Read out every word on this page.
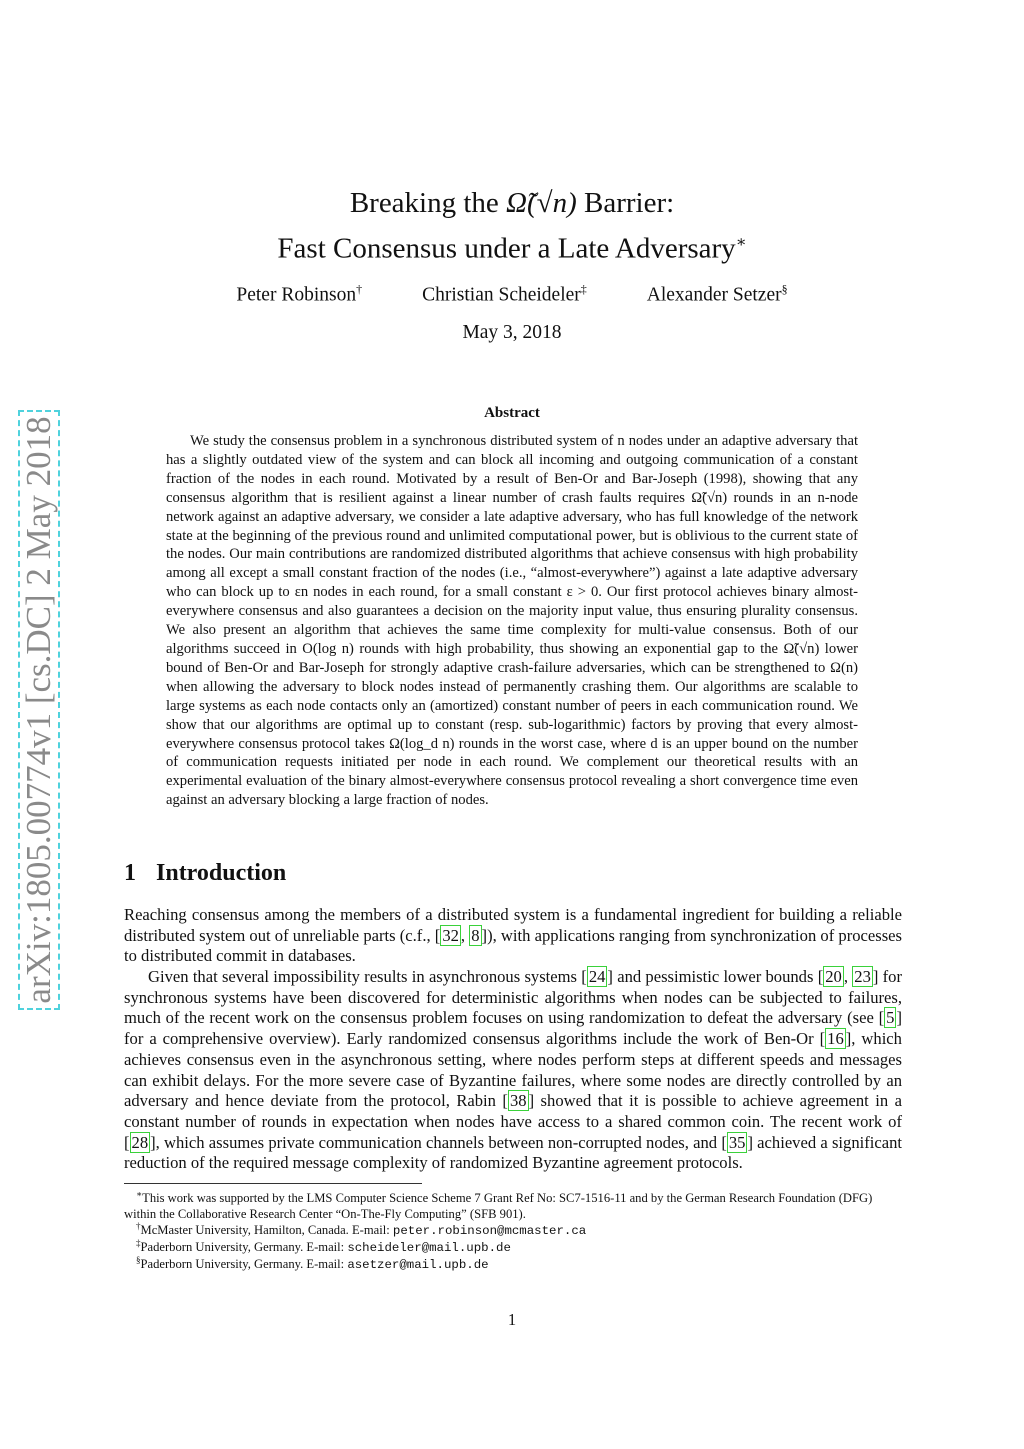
arXiv:1805.00774v1 [cs.DC] 2 May 2018
Breaking the Ω̃(√n) Barrier:
Fast Consensus under a Late Adversary∗
Peter Robinson†	Christian Scheideler‡	Alexander Setzer§
May 3, 2018
Abstract

We study the consensus problem in a synchronous distributed system of n nodes under an adaptive adversary that has a slightly outdated view of the system and can block all incoming and outgoing communication of a constant fraction of the nodes in each round. Motivated by a result of Ben-Or and Bar-Joseph (1998), showing that any consensus algorithm that is resilient against a linear number of crash faults requires Ω̃(√n) rounds in an n-node network against an adaptive adversary, we consider a late adaptive adversary, who has full knowledge of the network state at the beginning of the previous round and unlimited computational power, but is oblivious to the current state of the nodes. Our main contributions are randomized distributed algorithms that achieve consensus with high probability among all except a small constant fraction of the nodes (i.e., “almost-everywhere”) against a late adaptive adversary who can block up to εn nodes in each round, for a small constant ε > 0. Our first protocol achieves binary almost-everywhere consensus and also guarantees a decision on the majority input value, thus ensuring plurality consensus. We also present an algorithm that achieves the same time complexity for multi-value consensus. Both of our algorithms succeed in O(log n) rounds with high probability, thus showing an exponential gap to the Ω̃(√n) lower bound of Ben-Or and Bar-Joseph for strongly adaptive crash-failure adversaries, which can be strengthened to Ω(n) when allowing the adversary to block nodes instead of permanently crashing them. Our algorithms are scalable to large systems as each node contacts only an (amortized) constant number of peers in each communication round. We show that our algorithms are optimal up to constant (resp. sub-logarithmic) factors by proving that every almost-everywhere consensus protocol takes Ω(log_d n) rounds in the worst case, where d is an upper bound on the number of communication requests initiated per node in each round. We complement our theoretical results with an experimental evaluation of the binary almost-everywhere consensus protocol revealing a short convergence time even against an adversary blocking a large fraction of nodes.

1 Introduction

Reaching consensus among the members of a distributed system is a fundamental ingredient for building a reliable distributed system out of unreliable parts (c.f., [ 32 , 8 ]), with applications ranging from synchronization of processes to distributed commit in databases.

Given that several impossibility results in asynchronous systems [ 24 ] and pessimistic lower bounds [ 20 , 23 ] for synchronous systems have been discovered for deterministic algorithms when nodes can be subjected to failures, much of the recent work on the consensus problem focuses on using randomization to defeat the adversary (see [ 5 ] for a comprehensive overview). Early randomized consensus algorithms include the work of Ben-Or [ 16 ], which achieves consensus even in the asynchronous setting, where nodes perform steps at different speeds and messages can exhibit delays. For the more severe case of Byzantine failures, where some nodes are directly controlled by an adversary and hence deviate from the protocol, Rabin [ 38 ] showed that it is possible to achieve agreement in a constant number of rounds in expectation when nodes have access to a shared common coin. The recent work of [ 28 ], which assumes private communication channels between non-corrupted nodes, and [ 35 ] achieved a significant reduction of the required message complexity of randomized Byzantine agreement protocols.

∗This work was supported by the LMS Computer Science Scheme 7 Grant Ref No: SC7-1516-11 and by the German Research Foundation (DFG) within the Collaborative Research Center “On-The-Fly Computing” (SFB 901).

†McMaster University, Hamilton, Canada. E-mail: peter.robinson@mcmaster.ca

‡Paderborn University, Germany. E-mail: scheideler@mail.upb.de

§Paderborn University, Germany. E-mail: asetzer@mail.upb.de

1
